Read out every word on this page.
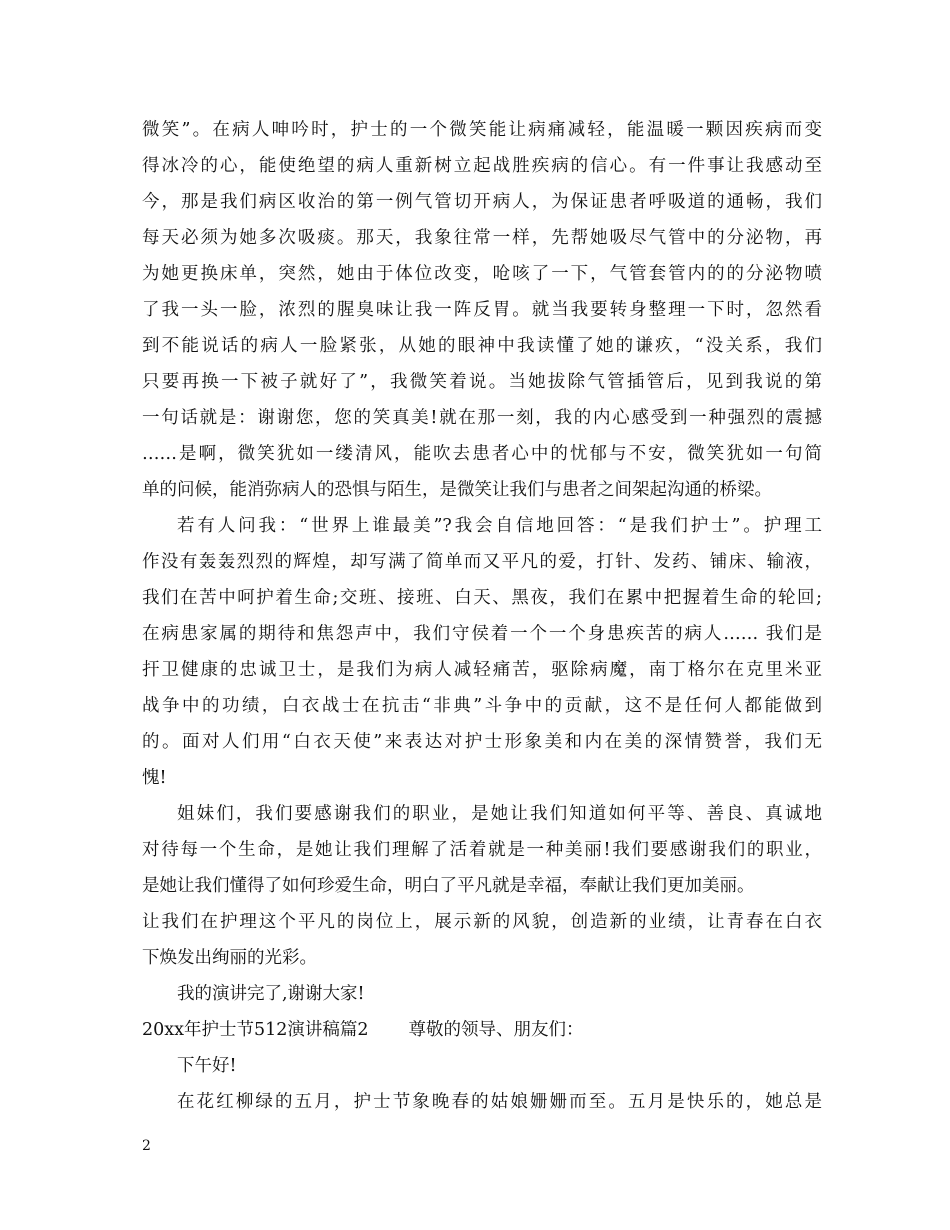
微笑”。在病人呻吟时，护士的一个微笑能让病痛减轻，能温暖一颗因疾病而变
得冰冷的心，能使绝望的病人重新树立起战胜疾病的信心。有一件事让我感动至
今，那是我们病区收治的第一例气管切开病人，为保证患者呼吸道的通畅，我们
每天必须为她多次吸痰。那天，我象往常一样，先帮她吸尽气管中的分泌物，再
为她更换床单，突然，她由于体位改变，呛咳了一下，气管套管内的的分泌物喷
了我一头一脸，浓烈的腥臭味让我一阵反胃。就当我要转身整理一下时，忽然看
到不能说话的病人一脸紧张，从她的眼神中我读懂了她的谦疚，“没关系，我们
只要再换一下被子就好了”，我微笑着说。当她拔除气管插管后，见到我说的第
一句话就是：谢谢您，您的笑真美!就在那一刻，我的内心感受到一种强烈的震撼
……是啊，微笑犹如一缕清风，能吹去患者心中的忧郁与不安，微笑犹如一句简
单的问候，能消弥病人的恐惧与陌生，是微笑让我们与患者之间架起沟通的桥梁。
若有人问我：“世界上谁最美”?我会自信地回答：“是我们护士”。护理工
作没有轰轰烈烈的辉煌，却写满了简单而又平凡的爱，打针、发药、铺床、输液，
我们在苦中呵护着生命;交班、接班、白天、黑夜，我们在累中把握着生命的轮回;
在病患家属的期待和焦怨声中，我们守侯着一个一个身患疾苦的病人…… 我们是
扞卫健康的忠诚卫士，是我们为病人减轻痛苦，驱除病魔，南丁格尔在克里米亚
战争中的功绩，白衣战士在抗击“非典”斗争中的贡献，这不是任何人都能做到
的。面对人们用“白衣天使”来表达对护士形象美和内在美的深情赞誉，我们无
愧!
姐妹们，我们要感谢我们的职业，是她让我们知道如何平等、善良、真诚地
对待每一个生命，是她让我们理解了活着就是一种美丽!我们要感谢我们的职业，
是她让我们懂得了如何珍爱生命，明白了平凡就是幸福，奉献让我们更加美丽。
让我们在护理这个平凡的岗位上，展示新的风貌，创造新的业绩，让青春在白衣
下焕发出绚丽的光彩。
我的演讲完了,谢谢大家!
20xx年护士节512演讲稿篇2 尊敬的领导、朋友们：
下午好!
在花红柳绿的五月，护士节象晚春的姑娘姗姗而至。五月是快乐的，她总是
2
